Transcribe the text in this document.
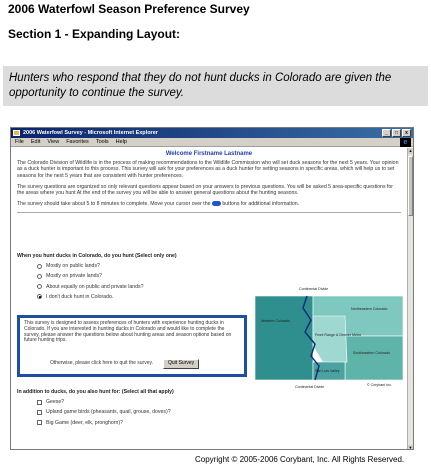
2006 Waterfowl Season Preference Survey
Section 1 - Expanding Layout:
Hunters who respond that they do not hunt ducks in Colorado are given the opportunity to continue the survey.
2006 Waterfowl Survey - Microsoft Internet Explorer	_	□	x
File Edit View Favorites Tools Help	e
Welcome Firstname Lastname

The Colorado Division of Wildlife is in the process of making recommendations to the Wildlife Commission who will set duck seasons for the next 5 years. Your opinion as a duck hunter is important to this process. This survey will ask for your preferences as a duck hunter for setting seasons in specific areas, which will help us to set seasons for the next 5 years that are consistent with hunter preferences.

The survey questions are organized so only relevant questions appear based on your answers to previous questions. You will be asked 5 area-specific questions for the areas where you hunt At the end of the survey you will be able to answer general questions about the hunting seasons.

The survey should take about 5 to 8 minutes to complete. Move your cursor over the buttons for additional information.

When you hunt ducks in Colorado, do you hunt (Select only one)
Mostly on public lands?
Mostly on private lands?
About equally on public and private lands?
I don't duck hunt in Colorado.
This survey is designed to assess preferences of hunters with experience hunting ducks in Colorado. If you are interested in hunting ducks in Colorado and would like to complete the survey, please answer the questions below about hunting areas and season options based on future hunting trips.
Otherwise, please click here to quit the survey.	Quit Survey
In addition to ducks, do you also hunt for: (Select all that apply)
Geese?
Upland game birds (pheasants, quail, grouse, doves)?
Big Game (deer, elk, pronghorn)?
Continental Divide
Northeastern Colorado
Western Colorado
Front Range & Denver Metro
Southeastern Colorado
San Luis Valley
Continental Divide	© Corybant Inc.
▲
▼
Copyright © 2005-2006 Corybant, Inc. All Rights Reserved.
